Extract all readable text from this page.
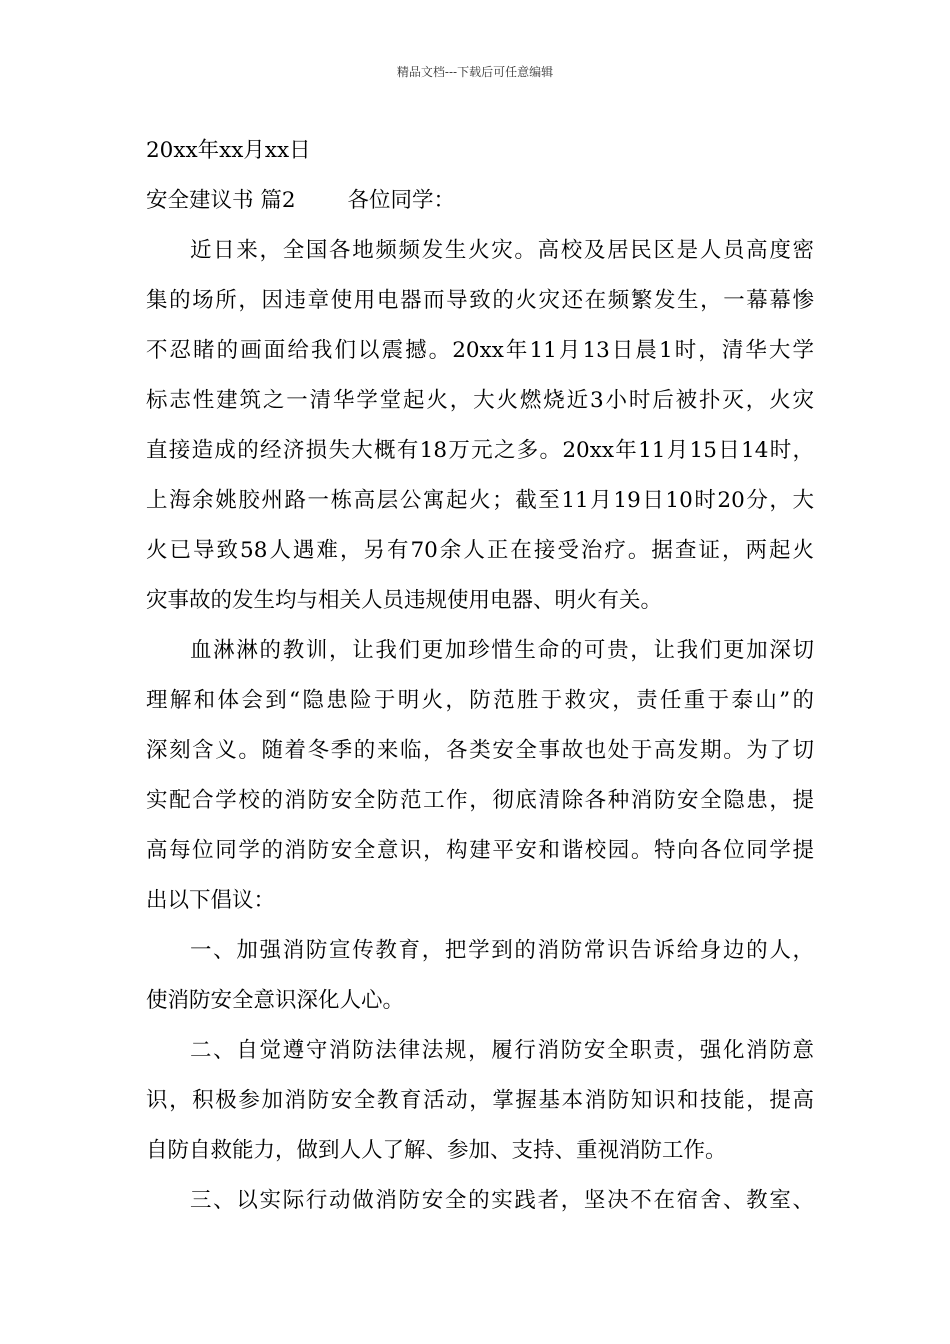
精品文档---下载后可任意编辑
20xx年xx月xx日
安全建议书 篇2 各位同学：
近日来，全国各地频频发生火灾。高校及居民区是人员高度密
集的场所，因违章使用电器而导致的火灾还在频繁发生，一幕幕惨
不忍睹的画面给我们以震撼。20xx年11月13日晨1时，清华大学
标志性建筑之一清华学堂起火，大火燃烧近3小时后被扑灭，火灾
直接造成的经济损失大概有18万元之多。20xx年11月15日14时，
上海余姚胶州路一栋高层公寓起火；截至11月19日10时20分，大
火已导致58人遇难，另有70余人正在接受治疗。据查证，两起火
灾事故的发生均与相关人员违规使用电器、明火有关。
血淋淋的教训，让我们更加珍惜生命的可贵，让我们更加深切
理解和体会到“隐患险于明火，防范胜于救灾，责任重于泰山”的
深刻含义。随着冬季的来临，各类安全事故也处于高发期。为了切
实配合学校的消防安全防范工作，彻底清除各种消防安全隐患，提
高每位同学的消防安全意识，构建平安和谐校园。特向各位同学提
出以下倡议：
一、加强消防宣传教育，把学到的消防常识告诉给身边的人，
使消防安全意识深化人心。
二、自觉遵守消防法律法规，履行消防安全职责，强化消防意
识，积极参加消防安全教育活动，掌握基本消防知识和技能，提高
自防自救能力，做到人人了解、参加、支持、重视消防工作。
三、以实际行动做消防安全的实践者，坚决不在宿舍、教室、
